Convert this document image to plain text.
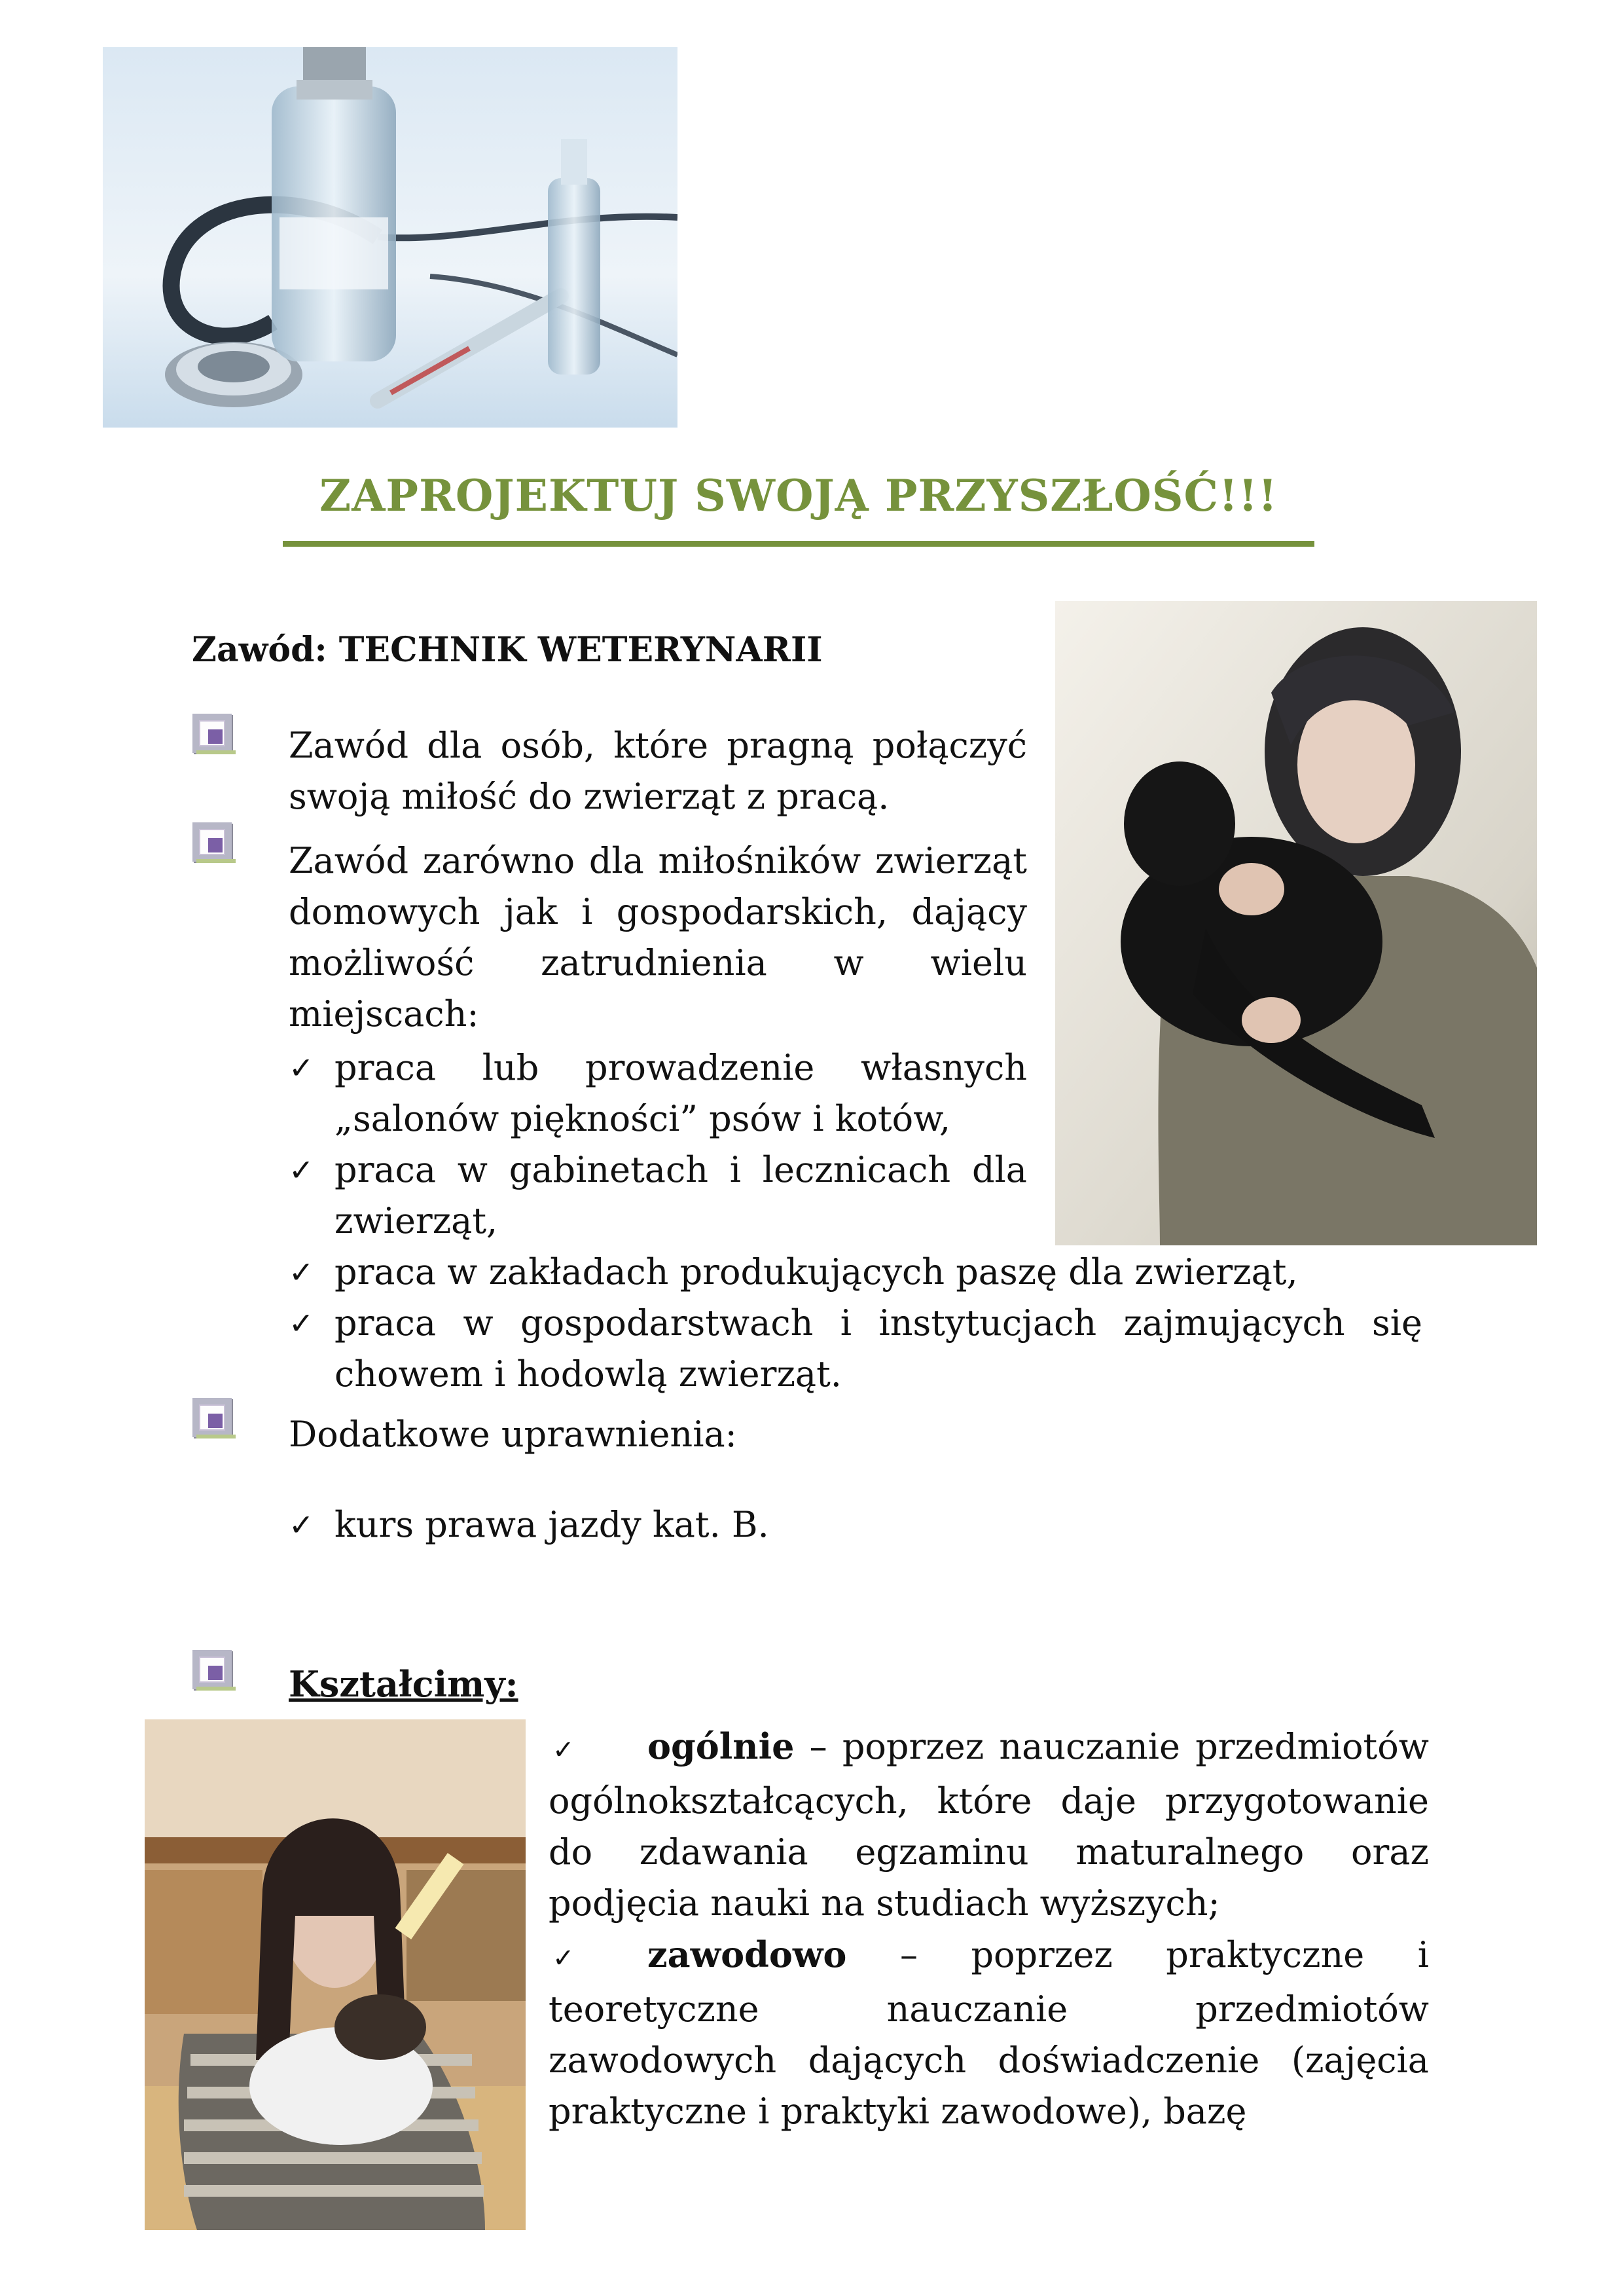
ZAPROJEKTUJ SWOJĄ PRZYSZŁOŚĆ!!!
Zawód: TECHNIK WETERYNARII
Zawód dla osób, które pragną połączyć swoją miłość do zwierząt z pracą.
Zawód zarówno dla miłośników zwierząt domowych jak i gospodarskich, dający możliwość zatrudnienia w wielu miejscach:
✓ praca lub prowadzenie własnych „salonów piękności” psów i kotów,
✓ praca w gabinetach i lecznicach dla zwierząt,
✓ praca w zakładach produkujących paszę dla zwierząt,
✓ praca w gospodarstwach i instytucjach zajmujących się chowem i hodowlą zwierząt.
Dodatkowe uprawnienia:
✓ kurs prawa jazdy kat. B.
Kształcimy:
✓ ogólnie – poprzez nauczanie przedmiotów ogólnokształcących, które daje przygotowanie do zdawania egzaminu maturalnego oraz podjęcia nauki na studiach wyższych;
✓ zawodowo – poprzez praktyczne i teoretyczne nauczanie przedmiotów zawodowych dających doświadczenie (zajęcia praktyczne i praktyki zawodowe), bazę
